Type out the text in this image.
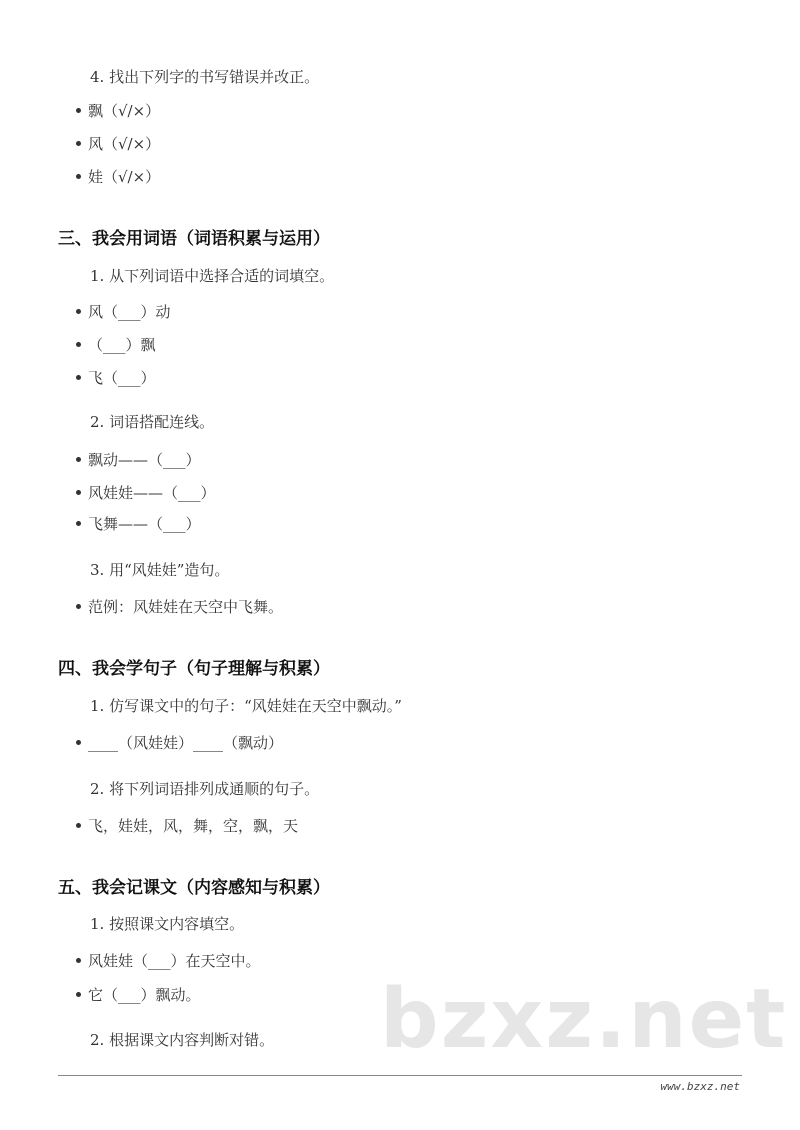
4. 找出下列字的书写错误并改正。
飘（√/×）
风（√/×）
娃（√/×）
三、我会用词语（词语积累与运用）
1. 从下列词语中选择合适的词填空。
风（___）动
（___）飘
飞（___）
2. 词语搭配连线。
飘动——（___）
风娃娃——（___）
飞舞——（___）
3. 用“风娃娃”造句。
范例：风娃娃在天空中飞舞。
四、我会学句子（句子理解与积累）
1. 仿写课文中的句子：“风娃娃在天空中飘动。”
____（风娃娃）____（飘动）
2. 将下列词语排列成通顺的句子。
飞，娃娃，风，舞，空，飘，天
五、我会记课文（内容感知与积累）
1. 按照课文内容填空。
风娃娃（___）在天空中。
它（___）飘动。 bzxz.net
2. 根据课文内容判断对错。
www.bzxz.net
